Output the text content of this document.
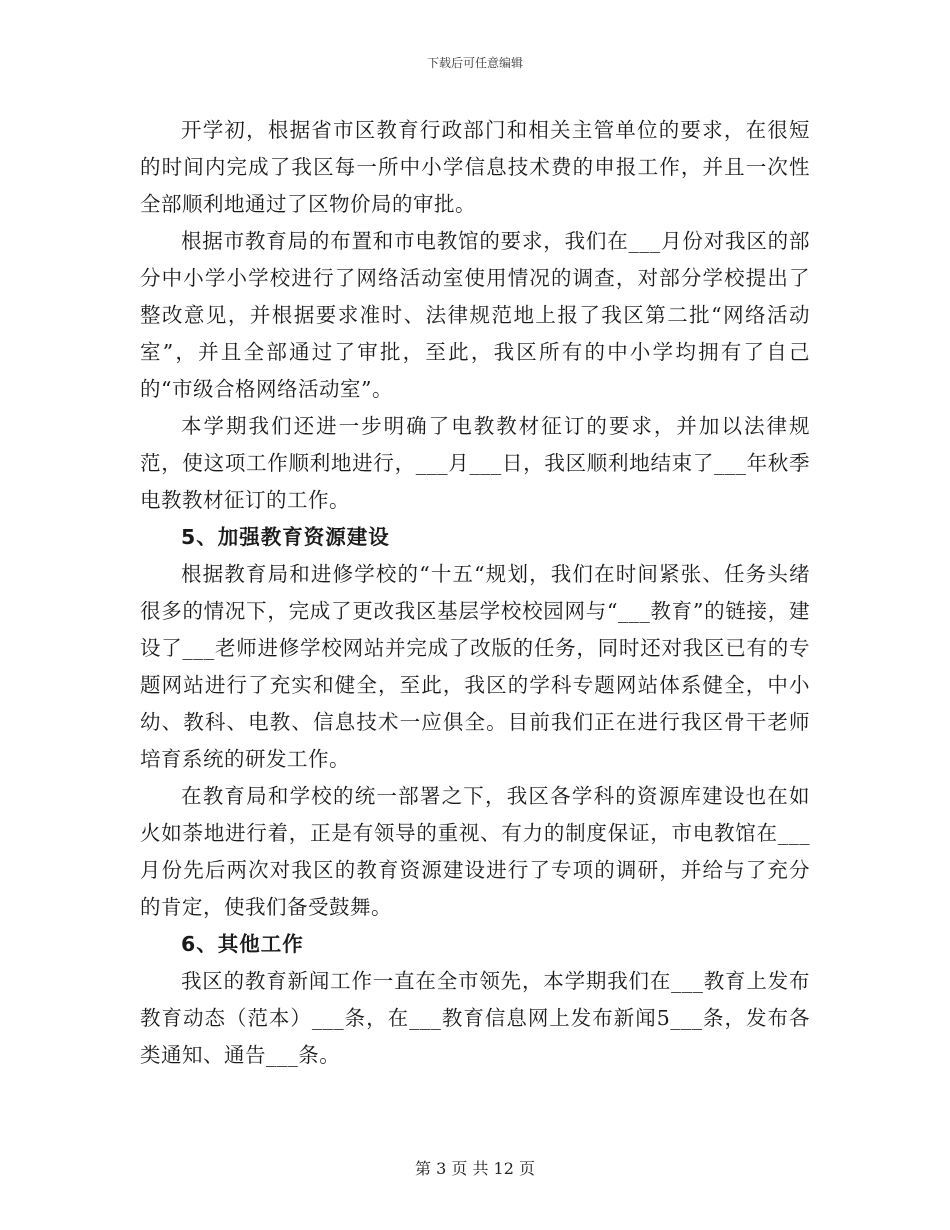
下载后可任意编辑

开学初，根据省市区教育行政部门和相关主管单位的要求，在很短的时间内完成了我区每一所中小学信息技术费的申报工作，并且一次性全部顺利地通过了区物价局的审批。

根据市教育局的布置和市电教馆的要求，我们在___月份对我区的部分中小学小学校进行了网络活动室使用情况的调查，对部分学校提出了整改意见，并根据要求准时、法律规范地上报了我区第二批“网络活动室”，并且全部通过了审批，至此，我区所有的中小学均拥有了自己的“市级合格网络活动室”。

本学期我们还进一步明确了电教教材征订的要求，并加以法律规范，使这项工作顺利地进行，___月___日，我区顺利地结束了___年秋季电教教材征订的工作。

5、加强教育资源建设

根据教育局和进修学校的“十五“规划，我们在时间紧张、任务头绪很多的情况下，完成了更改我区基层学校校园网与“___教育”的链接，建设了___老师进修学校网站并完成了改版的任务，同时还对我区已有的专题网站进行了充实和健全，至此，我区的学科专题网站体系健全，中小幼、教科、电教、信息技术一应俱全。目前我们正在进行我区骨干老师培育系统的研发工作。

在教育局和学校的统一部署之下，我区各学科的资源库建设也在如火如荼地进行着，正是有领导的重视、有力的制度保证，市电教馆在___月份先后两次对我区的教育资源建设进行了专项的调研，并给与了充分的肯定，使我们备受鼓舞。

6、其他工作

我区的教育新闻工作一直在全市领先，本学期我们在___教育上发布教育动态（范本）___条，在___教育信息网上发布新闻5___条，发布各类通知、通告___条。

第 3 页 共 12 页
